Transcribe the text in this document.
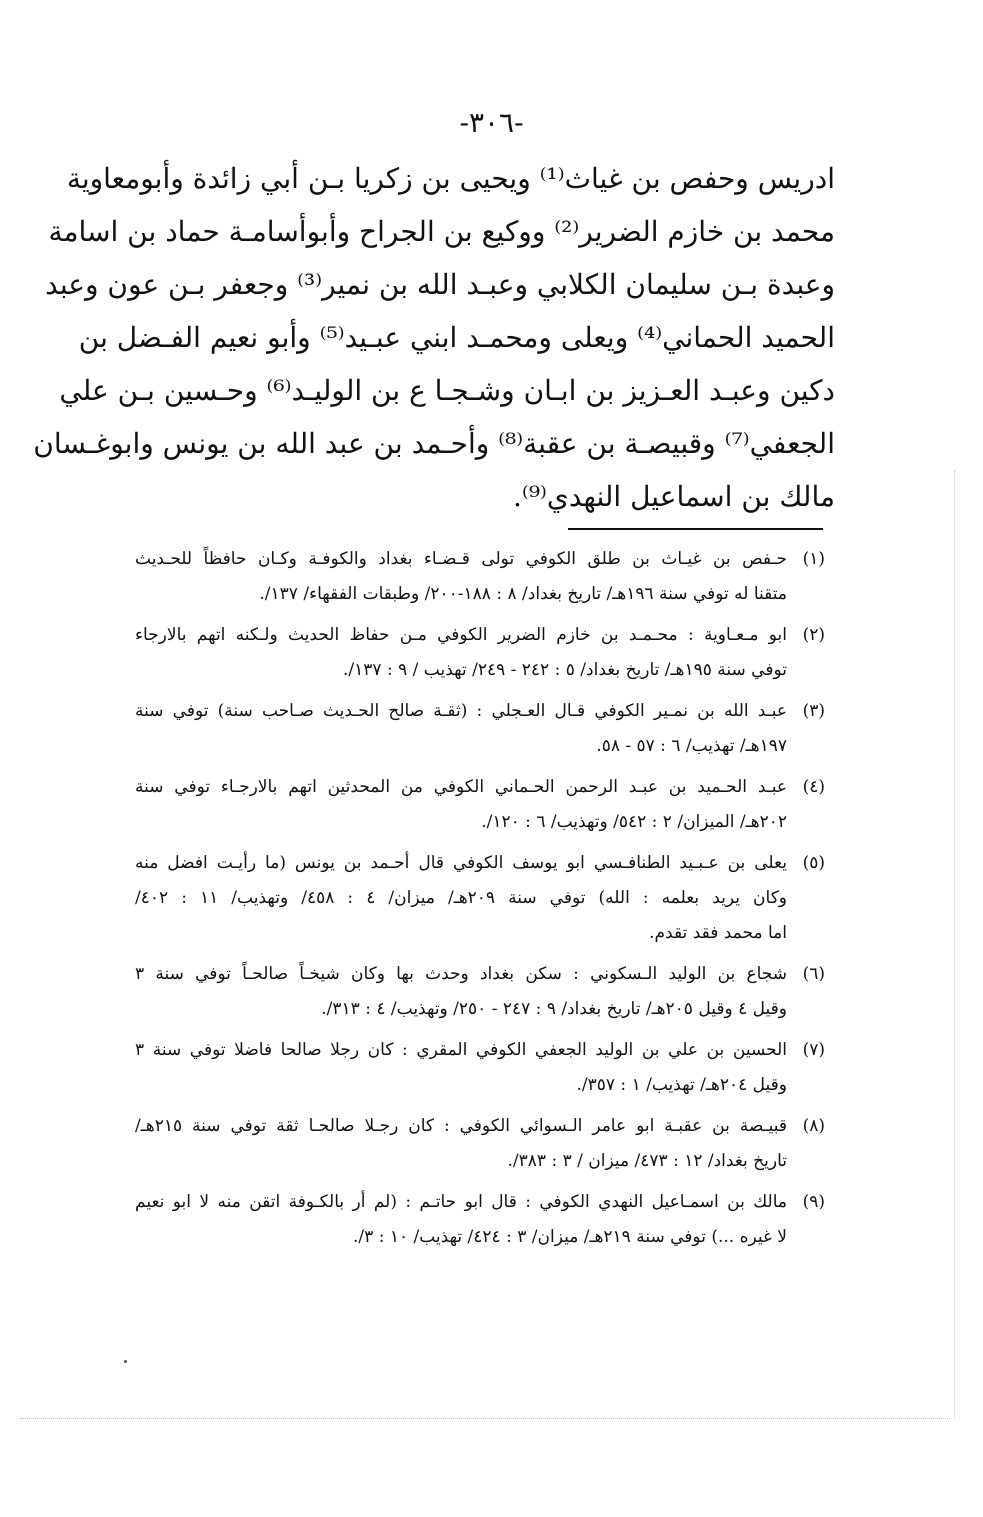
-٣٠٦-
ادريس وحفص بن غياث⁽¹⁾ ويحيى بن زكريا بـن أبي زائدة وأبومعاوية
محمد بن خازم الضرير⁽²⁾ ووكيع بن الجراح وأبوأسامـة حماد بن اسامة
وعبدة بـن سليمان الكلابي وعبـد الله بن نمير⁽³⁾ وجعفر بـن عون وعبد
الحميد الحماني⁽⁴⁾ ويعلى ومحمـد ابني عبـيد⁽⁵⁾ وأبو نعيم الفـضل بن
دكين وعبـد العـزيز بن ابـان وشـجـا ع بن الوليـد⁽⁶⁾ وحـسين بـن علي
الجعفي⁽⁷⁾ وقبيصـة بن عقبة⁽⁸⁾ وأحـمد بن عبد الله بن يونس وابوغـسان
مالك بن اسماعيل النهدي⁽⁹⁾.
(١)
حـفص بن غيـاث بن طلق الكوفي تولى قـضـاء بغداد والكوفـة وكـان حافظاً للحـديث
متقنا له توفي سنة ١٩٦هـ/ تاريخ بغداد/ ٨ : ١٨٨-٢٠٠/ وطبقات الفقهاء/ ١٣٧/.
(٢)
ابو مـعـاوية : محـمـد بن خازم الضرير الكوفي مـن حفاظ الحديث ولـكنه اتهم بالارجاء
توفي سنة ١٩٥هـ/ تاريخ بغداد/ ٥ : ٢٤٢ - ٢٤٩/ تهذيب / ٩ : ١٣٧/.
(٣)
عبـد الله بن نمـير الكوفي قـال العـجلي : (ثقـة صالح الحـديث صـاحب سنة) توفي سنة
١٩٧هـ/ تهذيب/ ٦ : ٥٧ - ٥٨.
(٤)
عبـد الحـميد بن عبـد الرحمن الحـماني الكوفي من المحدثين اتهم بالارجـاء توفي سنة
٢٠٢هـ/ الميزان/ ٢ : ٥٤٢/ وتهذيب/ ٦ : ١٢٠/.
(٥)
يعلى بن عـبـيد الطنافـسي ابو يوسف الكوفي قال أحـمد بن يونس (ما رأيـت افضل منه
وكان يريد بعلمه : الله) توفي سنة ٢٠٩هـ/ ميزان/ ٤ : ٤٥٨/ وتهذيب/ ١١ : ٤٠٢/
اما محمد فقد تقدم.
(٦)
شجاع بن الوليد الـسكوني : سكن بغداد وحدث بها وكان شيخـاً صالحـاً توفي سنة ٣
وقيل ٤ وقيل ٢٠٥هـ/ تاريخ بغداد/ ٩ : ٢٤٧ - ٢٥٠/ وتهذيب/ ٤ : ٣١٣/.
(٧)
الحسين بن علي بن الوليد الجعفي الكوفي المقري : كان رجلا صالحا فاضلا توفي سنة ٣
وقيل ٢٠٤هـ/ تهذيب/ ١ : ٣٥٧/.
(٨)
قبيـصة بن عقبـة ابو عامر الـسوائي الكوفي : كان رجـلا صالحـا ثقة توفي سنة ٢١٥هـ/
تاريخ بغداد/ ١٢ : ٤٧٣/ ميزان / ٣ : ٣٨٣/.
(٩)
مالك بن اسمـاعيل النهدي الكوفي : قال ابو حاتـم : (لم أر بالكـوفة اتقن منه لا ابو نعيم
لا غيره ...) توفي سنة ٢١٩هـ/ ميزان/ ٣ : ٤٢٤/ تهذيب/ ١٠ : ٣/.
